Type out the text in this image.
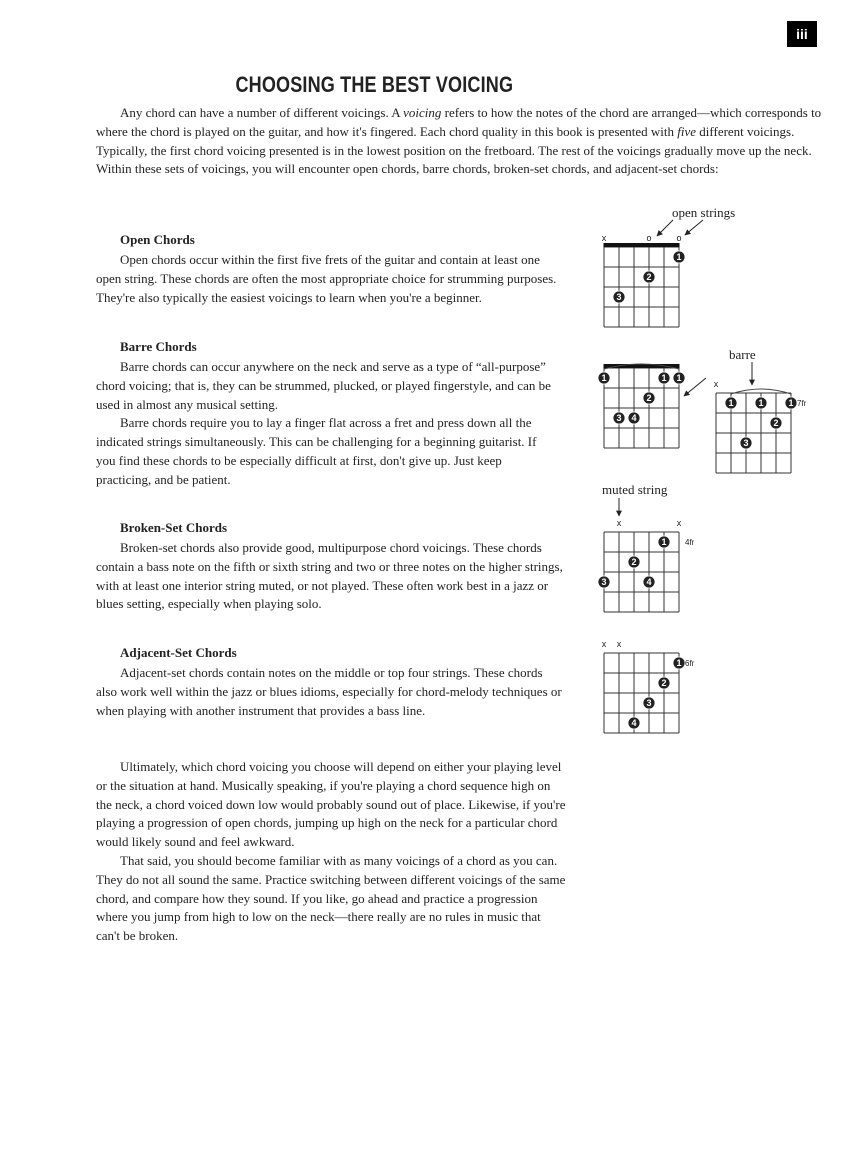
iii
CHOOSING THE BEST VOICING

Any chord can have a number of different voicings. A voicing refers to how the notes of the chord are arranged—which corresponds to where the chord is played on the guitar, and how it's fingered. Each chord quality in this book is presented with five different voicings. Typically, the first chord voicing presented is in the lowest position on the fretboard. The rest of the voicings gradually move up the neck. Within these sets of voicings, you will encounter open chords, barre chords, broken-set chords, and adjacent-set chords:

Open Chords

Open chords occur within the first five frets of the guitar and contain at least one open string. These chords are often the most appropriate choice for strumming purposes. They're also typically the easiest voicings to learn when you're a beginner.

Barre Chords

Barre chords can occur anywhere on the neck and serve as a type of “all-purpose” chord voicing; that is, they can be strummed, plucked, or played fingerstyle, and can be used in almost any musical setting.

Barre chords require you to lay a finger flat across a fret and press down all the indicated strings simultaneously. This can be challenging for a beginning guitarist. If you find these chords to be especially difficult at first, don't give up. Just keep practicing, and be patient.

Broken-Set Chords

Broken-set chords also provide good, multipurpose chord voicings. These chords contain a bass note on the fifth or sixth string and two or three notes on the higher strings, with at least one interior string muted, or not played. These often work best in a jazz or blues setting, especially when playing solo.

Adjacent-Set Chords

Adjacent-set chords contain notes on the middle or top four strings. These chords also work well within the jazz or blues idioms, especially for chord-melody techniques or when playing with another instrument that provides a bass line.

Ultimately, which chord voicing you choose will depend on either your playing level or the situation at hand. Musically speaking, if you're playing a chord sequence high on the neck, a chord voiced down low would probably sound out of place. Likewise, if you're playing a progression of open chords, jumping up high on the neck for a particular chord would likely sound and feel awkward.

That said, you should become familiar with as many voicings of a chord as you can. They do not all sound the same. Practice switching between different voicings of the same chord, and compare how they sound. If you like, go ahead and practice a progression where you jump from high to low on the neck—there really are no rules in music that can't be broken.

open strings
barre
muted string
x	o	o
1
2
3
1	1 1
2
3 4
x
1	1	1
2
3
7fr
x	x
1
2
3	4
4fr
x x
1
2
3
4
6fr
